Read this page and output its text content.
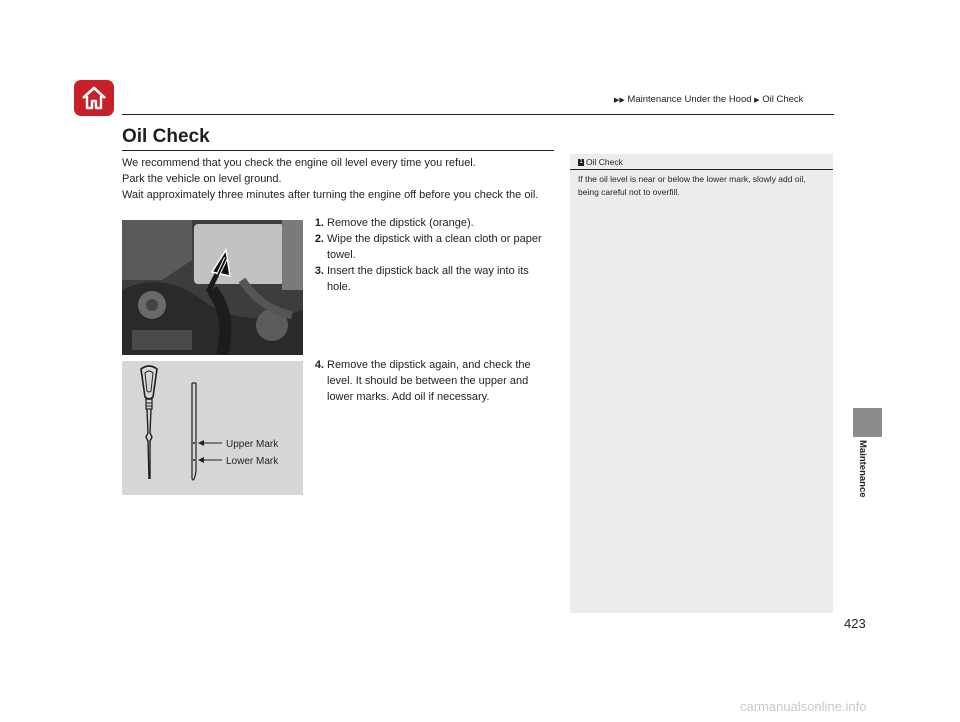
▶▶ Maintenance Under the Hood ▶ Oil Check
Oil Check

We recommend that you check the engine oil level every time you refuel.

Park the vehicle on level ground.

Wait approximately three minutes after turning the engine off before you check the oil.

Upper Mark
Lower Mark
1. Remove the dipstick (orange).
2. Wipe the dipstick with a clean cloth or paper towel.
3. Insert the dipstick back all the way into its hole.
4. Remove the dipstick again, and check the level. It should be between the upper and lower marks. Add oil if necessary.
1 Oil Check
If the oil level is near or below the lower mark, slowly add oil, being careful not to overfill.
Maintenance
423
carmanualsonline.info
